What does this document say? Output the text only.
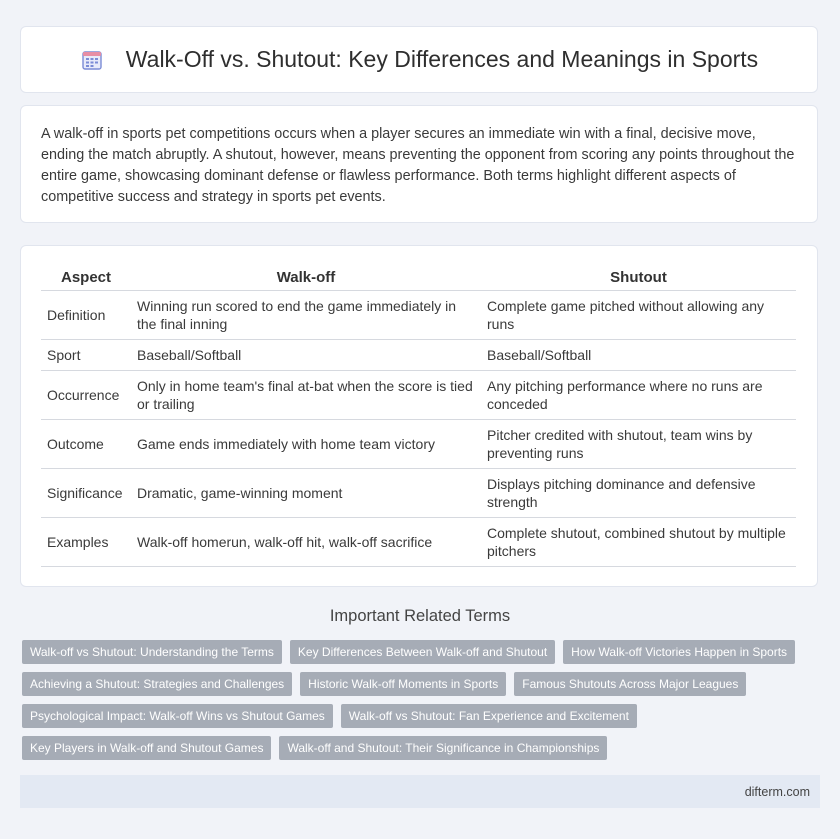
Walk-Off vs. Shutout: Key Differences and Meanings in Sports

A walk-off in sports pet competitions occurs when a player secures an immediate win with a final, decisive move, ending the match abruptly. A shutout, however, means preventing the opponent from scoring any points throughout the entire game, showcasing dominant defense or flawless performance. Both terms highlight different aspects of competitive success and strategy in sports pet events.

Aspect	Walk-off	Shutout
Definition	Winning run scored to end the game immediately in the final inning	Complete game pitched without allowing any runs
Sport	Baseball/Softball	Baseball/Softball
Occurrence	Only in home team's final at-bat when the score is tied or trailing	Any pitching performance where no runs are conceded
Outcome	Game ends immediately with home team victory	Pitcher credited with shutout, team wins by preventing runs
Significance	Dramatic, game-winning moment	Displays pitching dominance and defensive strength
Examples	Walk-off homerun, walk-off hit, walk-off sacrifice	Complete shutout, combined shutout by multiple pitchers
Important Related Terms
Walk-off vs Shutout: Understanding the Terms	Key Differences Between Walk-off and Shutout	How Walk-off Victories Happen in Sports
Achieving a Shutout: Strategies and Challenges	Historic Walk-off Moments in Sports	Famous Shutouts Across Major Leagues
Psychological Impact: Walk-off Wins vs Shutout Games	Walk-off vs Shutout: Fan Experience and Excitement
Key Players in Walk-off and Shutout Games	Walk-off and Shutout: Their Significance in Championships
difterm.com
